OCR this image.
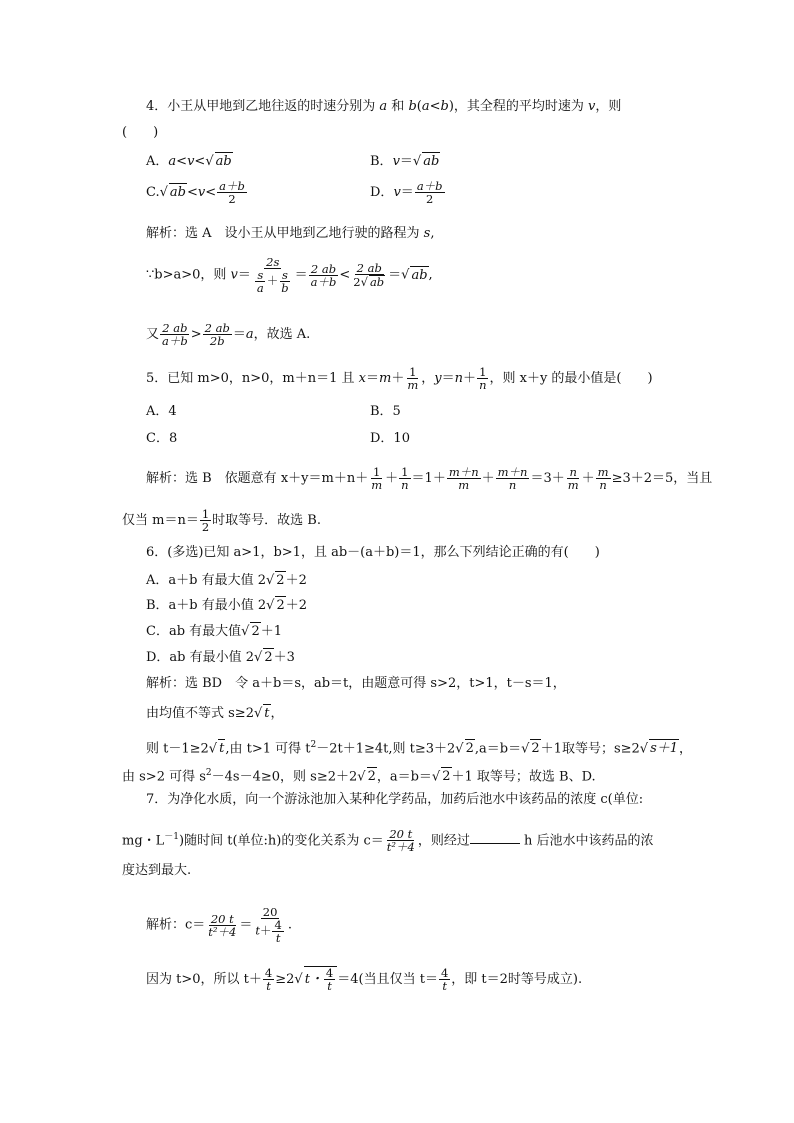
4．小王从甲地到乙地往返的时速分别为 a 和 b(a<b)，其全程的平均时速为 v，则
(　　)
A．a<v<√ ab	B．v＝√ ab
C.√ $ab<v< \frac{a+b}{2}$	D．$v= \frac{a+b}{2}$
解析：选 A　设小王从甲地到乙地行驶的路程为 s,
∵b>a>0，则 $v= \frac{2s}{\frac{s}{a} + \frac{s}{b}} = \frac{2 ab}{a+b} < \frac{2 ab}{2√ ab}$ ＝√ ab,
又 $\frac{2 ab}{a+b} > \frac{2 ab}{2b} =a$，故选 A.
5．已知 m>0，n>0，m＋n＝1 且 $x=m+ \frac{1}{m}$ ，$y=n+ \frac{1}{n}$ ，则 x＋y 的最小值是(　　)
A．4	B．5
C．8	D．10
解析：选 B　依题意有 $x+y=m+n+ \frac{1}{m} + \frac{1}{n} =1+ \frac{m+n}{m} + \frac{m+n}{n} =3+ \frac{n}{m} + \frac{m}{n} \ge 3+2=5$，当且
仅当 $m=n= \frac{1}{2}$ 时取等号．故选 B.
6．(多选)已知 a>1，b>1，且 ab－(a＋b)＝1，那么下列结论正确的有(　　)
A．a＋b 有最大值 2√ 2＋2
B．a＋b 有最小值 2√ 2＋2
C．ab 有最大值√ 2＋1
D．ab 有最小值 2√ 2＋3
解析：选 BD　令 a＋b＝s，ab＝t，由题意可得 s>2，t>1，t－s＝1，
由均值不等式 s≥2√ t，
则 t－1≥2√ t,由 t>1 可得 $t^2-2t+1\ge 4t$,则 t≥3＋2√ 2,a＝b＝√ 2＋1取等号；s≥2√ s＋1，
由 s>2 可得 $s^2-4s-4\ge 0$，则 s≥2＋2√ 2，a＝b＝√ 2＋1 取等号；故选 B、D.
7．为净化水质，向一个游泳池加入某种化学药品，加药后池水中该药品的浓度 c(单位:
mg・$L^{-1}$)随时间 t(单位:h)的变化关系为 $c= \frac{20 t}{\text{t²＋4}}$ ，则经过	h 后池水中该药品的浓
度达到最大.
解析：$c= \frac{20 t}{\text{t²＋4}} = \frac{20}{t+ \frac{4}{t}}$ .
因为 t>0，所以 $t+ \frac{4}{t} \ge 2√$ t・ $\frac{4}{t} =4$(当且仅当 $t= \frac{4}{t}$ ，即 t＝2时等号成立).
